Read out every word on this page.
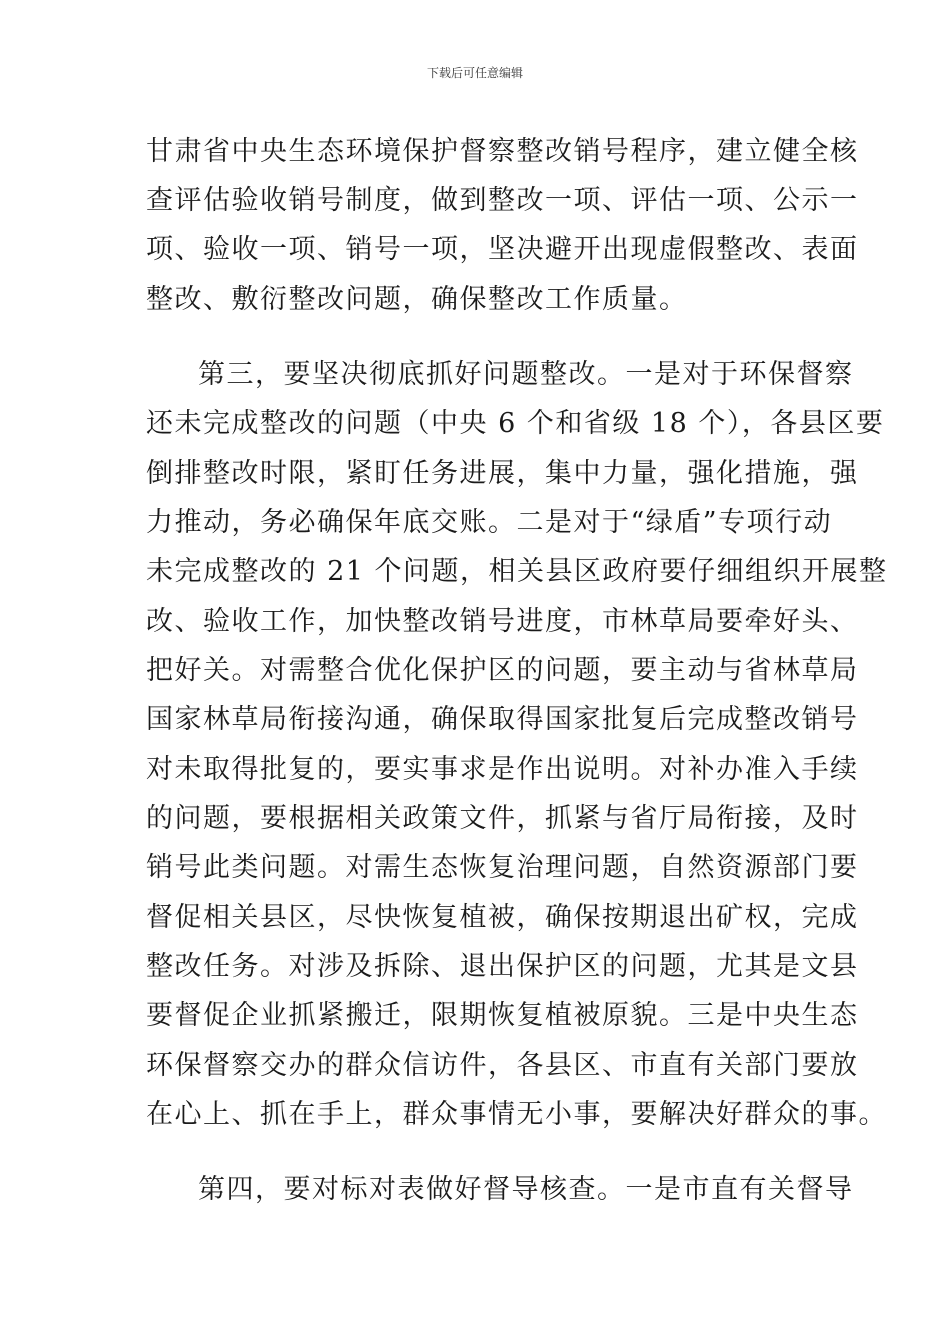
下载后可任意编辑
甘肃省中央生态环境保护督察整改销号程序，建立健全核
查评估验收销号制度，做到整改一项、评估一项、公示一
项、验收一项、销号一项，坚决避开出现虚假整改、表面
整改、敷衍整改问题，确保整改工作质量。
第三，要坚决彻底抓好问题整改。一是对于环保督察
还未完成整改的问题（中央 6 个和省级 18 个），各县区要
倒排整改时限，紧盯任务进展，集中力量，强化措施，强
力推动，务必确保年底交账。二是对于“绿盾”专项行动
未完成整改的 21 个问题，相关县区政府要仔细组织开展整
改、验收工作，加快整改销号进度，市林草局要牵好头、
把好关。对需整合优化保护区的问题，要主动与省林草局
国家林草局衔接沟通，确保取得国家批复后完成整改销号
对未取得批复的，要实事求是作出说明。对补办准入手续
的问题，要根据相关政策文件，抓紧与省厅局衔接，及时
销号此类问题。对需生态恢复治理问题，自然资源部门要
督促相关县区，尽快恢复植被，确保按期退出矿权，完成
整改任务。对涉及拆除、退出保护区的问题，尤其是文县
要督促企业抓紧搬迁，限期恢复植被原貌。三是中央生态
环保督察交办的群众信访件，各县区、市直有关部门要放
在心上、抓在手上，群众事情无小事，要解决好群众的事。
第四，要对标对表做好督导核查。一是市直有关督导
